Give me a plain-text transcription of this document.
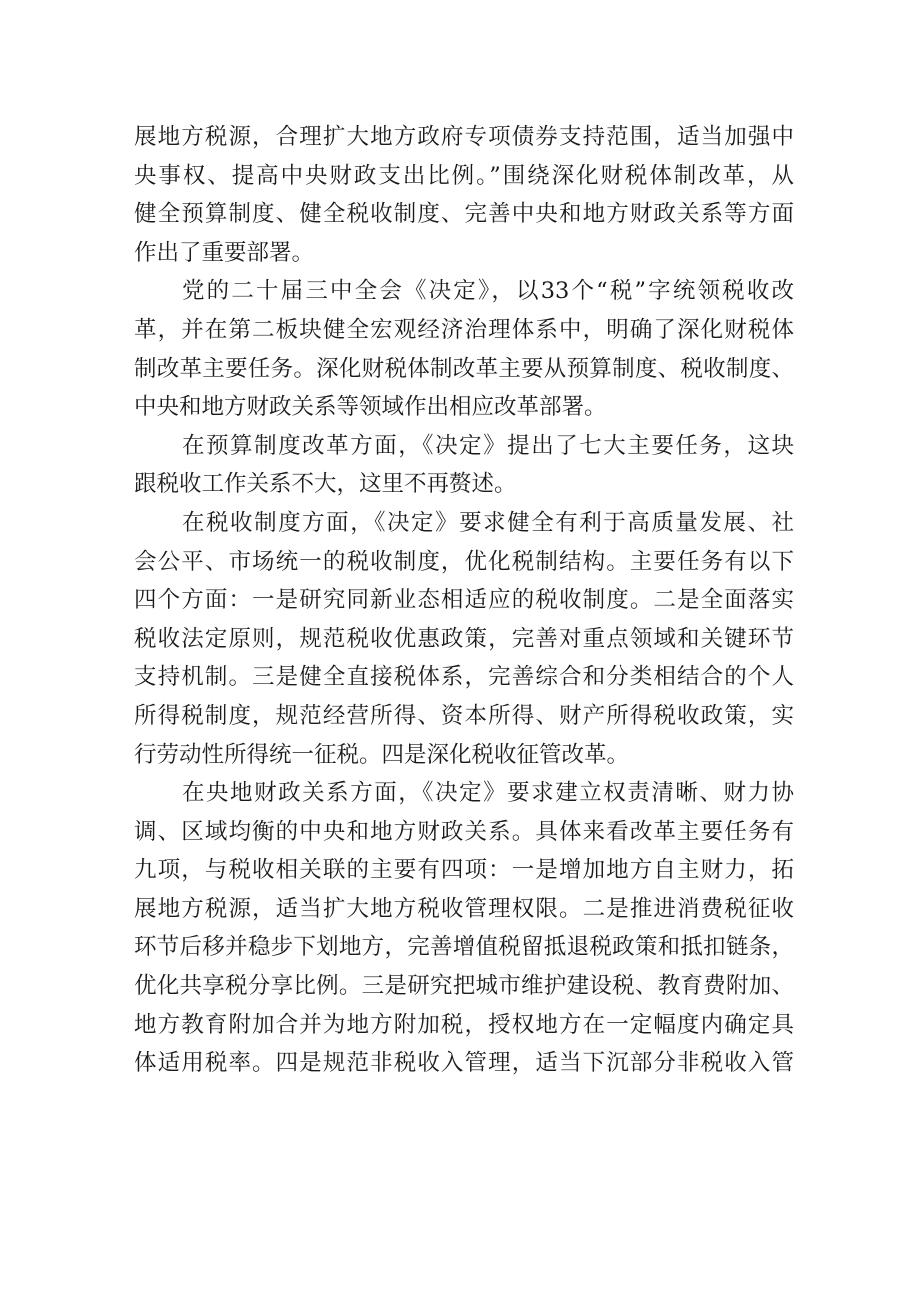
展地方税源，合理扩大地方政府专项债券支持范围，适当加强中
央事权、提高中央财政支出比例。”围绕深化财税体制改革，从
健全预算制度、健全税收制度、完善中央和地方财政关系等方面
作出了重要部署。
党的二十届三中全会《决定》，以33个“税”字统领税收改
革，并在第二板块健全宏观经济治理体系中，明确了深化财税体
制改革主要任务。深化财税体制改革主要从预算制度、税收制度、
中央和地方财政关系等领域作出相应改革部署。
在预算制度改革方面，《决定》提出了七大主要任务，这块
跟税收工作关系不大，这里不再赘述。
在税收制度方面，《决定》要求健全有利于高质量发展、社
会公平、市场统一的税收制度，优化税制结构。主要任务有以下
四个方面：一是研究同新业态相适应的税收制度。二是全面落实
税收法定原则，规范税收优惠政策，完善对重点领域和关键环节
支持机制。三是健全直接税体系，完善综合和分类相结合的个人
所得税制度，规范经营所得、资本所得、财产所得税收政策，实
行劳动性所得统一征税。四是深化税收征管改革。
在央地财政关系方面，《决定》要求建立权责清晰、财力协
调、区域均衡的中央和地方财政关系。具体来看改革主要任务有
九项，与税收相关联的主要有四项：一是增加地方自主财力，拓
展地方税源，适当扩大地方税收管理权限。二是推进消费税征收
环节后移并稳步下划地方，完善增值税留抵退税政策和抵扣链条，
优化共享税分享比例。三是研究把城市维护建设税、教育费附加、
地方教育附加合并为地方附加税，授权地方在一定幅度内确定具
体适用税率。四是规范非税收入管理，适当下沉部分非税收入管
